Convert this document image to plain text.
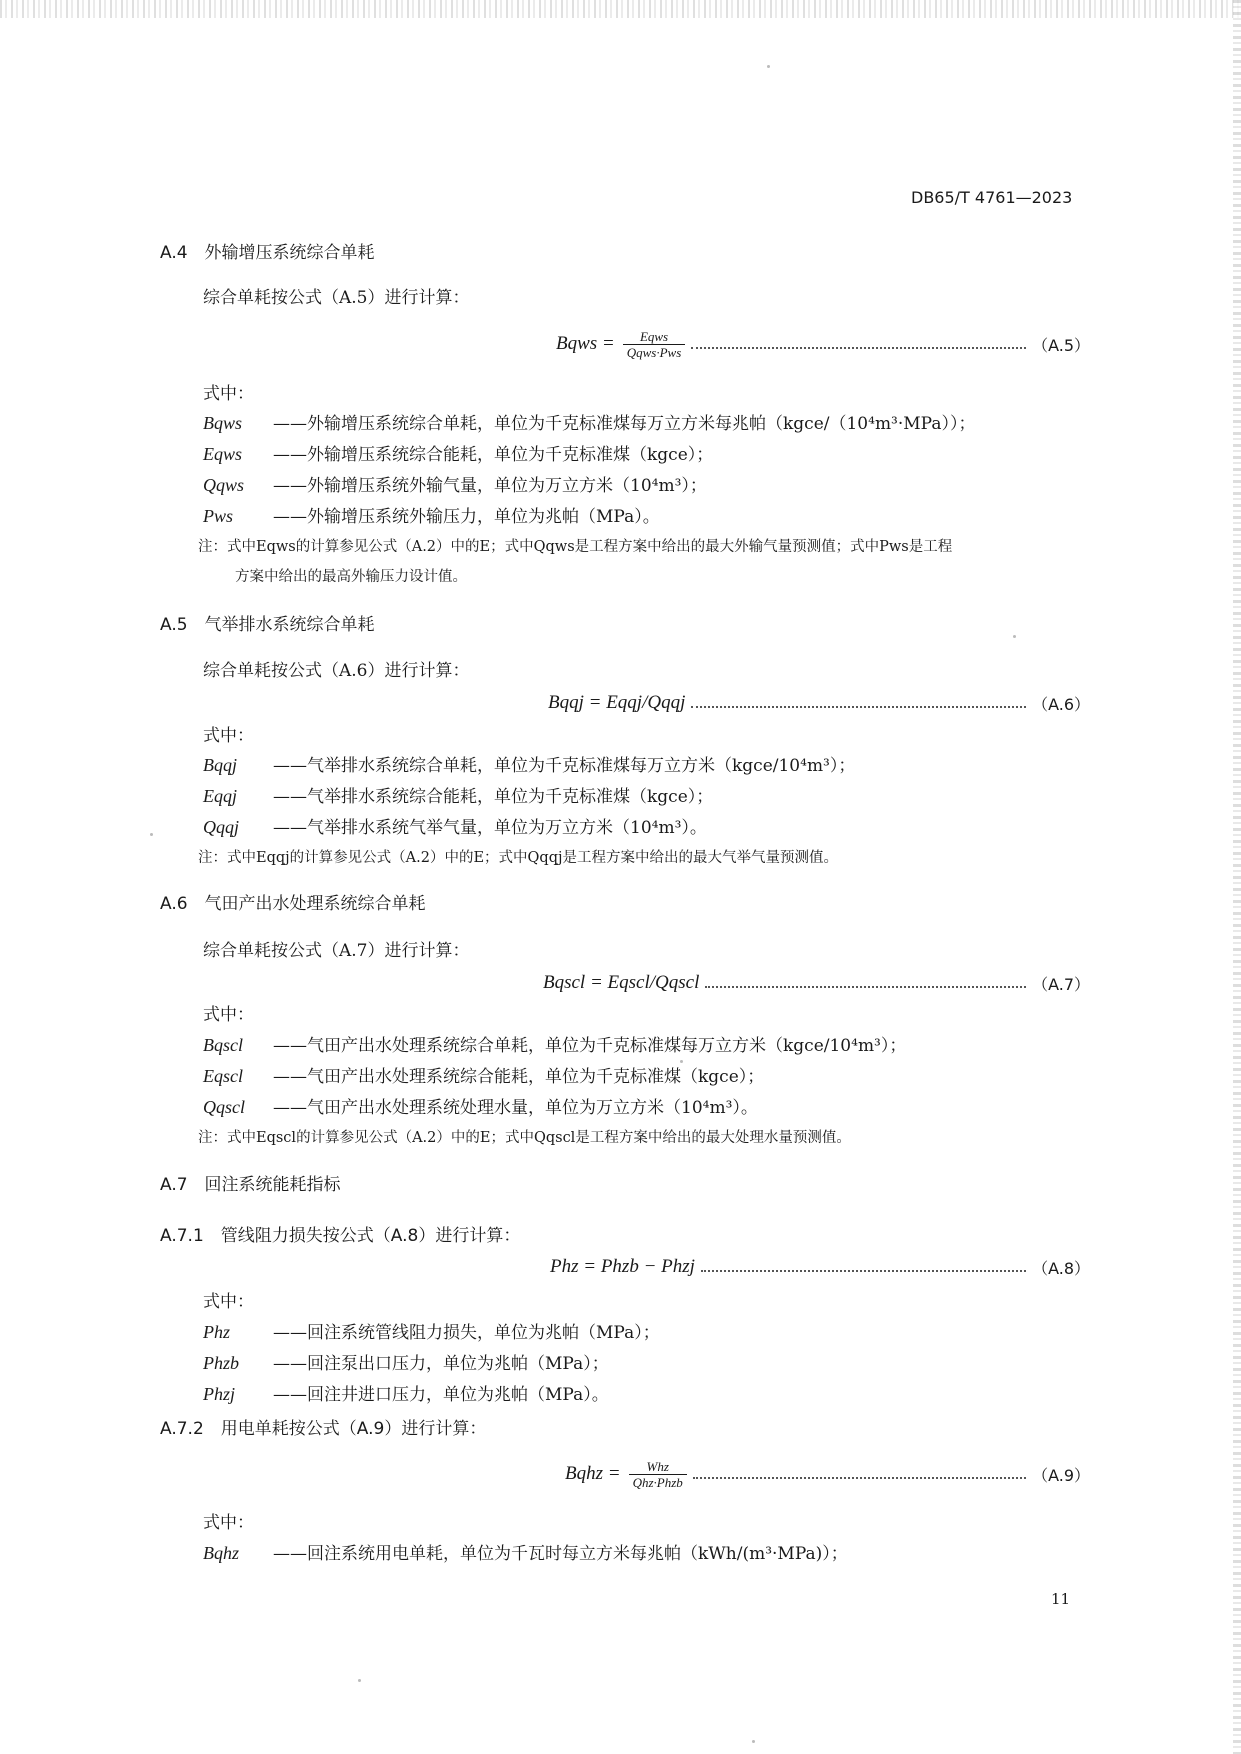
DB65/T 4761—2023
A.4　外输增压系统综合单耗
综合单耗按公式（A.5）进行计算：
Bqws = $\frac{\text{Eqws}}{\text{Qqws·Pws}}$	（A.5）
式中：
Bqws	——外输增压系统综合单耗，单位为千克标准煤每万立方米每兆帕（kgce/（10⁴m³·MPa））；
Eqws	——外输增压系统综合能耗，单位为千克标准煤（kgce）；
Qqws	——外输增压系统外输气量，单位为万立方米（10⁴m³）；
Pws	——外输增压系统外输压力，单位为兆帕（MPa）。
注：式中Eqws的计算参见公式（A.2）中的E；式中Qqws是工程方案中给出的最大外输气量预测值；式中Pws是工程
方案中给出的最高外输压力设计值。
A.5　气举排水系统综合单耗
综合单耗按公式（A.6）进行计算：
Bqqj = Eqqj/Qqqj	（A.6）
式中：
Bqqj	——气举排水系统综合单耗，单位为千克标准煤每万立方米（kgce/10⁴m³）；
Eqqj	——气举排水系统综合能耗，单位为千克标准煤（kgce）；
Qqqj	——气举排水系统气举气量，单位为万立方米（10⁴m³）。
注：式中Eqqj的计算参见公式（A.2）中的E；式中Qqqj是工程方案中给出的最大气举气量预测值。
A.6　气田产出水处理系统综合单耗
综合单耗按公式（A.7）进行计算：
Bqscl = Eqscl/Qqscl	（A.7）
式中：
Bqscl	——气田产出水处理系统综合单耗，单位为千克标准煤每万立方米（kgce/10⁴m³）；
Eqscl	——气田产出水处理系统综合能耗，单位为千克标准煤（kgce）；
Qqscl	——气田产出水处理系统处理水量，单位为万立方米（10⁴m³）。
注：式中Eqscl的计算参见公式（A.2）中的E；式中Qqscl是工程方案中给出的最大处理水量预测值。
A.7　回注系统能耗指标
A.7.1　管线阻力损失按公式（A.8）进行计算：
Phz = Phzb − Phzj	（A.8）
式中：
Phz	——回注系统管线阻力损失，单位为兆帕（MPa）；
Phzb	——回注泵出口压力，单位为兆帕（MPa）；
Phzj	——回注井进口压力，单位为兆帕（MPa）。
A.7.2　用电单耗按公式（A.9）进行计算：
Bqhz = $\frac{\text{Whz}}{\text{Qhz·Phzb}}$	（A.9）
式中：
Bqhz	——回注系统用电单耗，单位为千瓦时每立方米每兆帕（kWh/(m³·MPa)）；
11
